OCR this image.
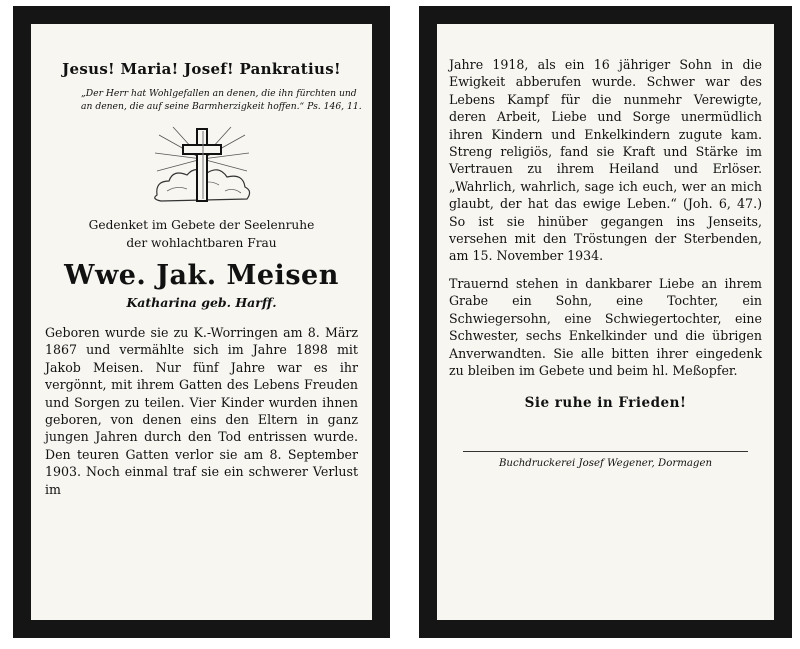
Jesus! Maria! Josef! Pankratius!
„Der Herr hat Wohlgefallen an denen, die ihn fürchten und an denen, die auf seine Barmherzigkeit hoffen.“ Ps. 146, 11.
Gedenket im Gebete der Seelenruhe
der wohlachtbaren Frau
Wwe. Jak. Meisen
Katharina geb. Harff.

Geboren wurde sie zu K.-Worringen am 8. März 1867 und vermählte sich im Jahre 1898 mit Jakob Meisen. Nur fünf Jahre war es ihr vergönnt, mit ihrem Gatten des Lebens Freuden und Sorgen zu teilen. Vier Kinder wurden ihnen geboren, von denen eins den Eltern in ganz jungen Jahren durch den Tod entrissen wurde. Den teuren Gatten verlor sie am 8. September 1903. Noch einmal traf sie ein schwerer Verlust im

Jahre 1918, als ein 16 jähriger Sohn in die Ewigkeit abberufen wurde. Schwer war des Lebens Kampf für die nunmehr Verewigte, deren Arbeit, Liebe und Sorge unermüdlich ihren Kindern und Enkelkindern zugute kam. Streng religiös, fand sie Kraft und Stärke im Vertrauen zu ihrem Heiland und Erlöser. „Wahrlich, wahrlich, sage ich euch, wer an mich glaubt, der hat das ewige Leben.“ (Joh. 6, 47.) So ist sie hinüber gegangen ins Jenseits, versehen mit den Tröstungen der Sterbenden, am 15. November 1934.

Trauernd stehen in dankbarer Liebe an ihrem Grabe ein Sohn, eine Tochter, ein Schwiegersohn, eine Schwiegertochter, eine Schwester, sechs Enkelkinder und die übrigen Anverwandten. Sie alle bitten ihrer eingedenk zu bleiben im Gebete und beim hl. Meßopfer.

Sie ruhe in Frieden!
Buchdruckerei Josef Wegener, Dormagen
